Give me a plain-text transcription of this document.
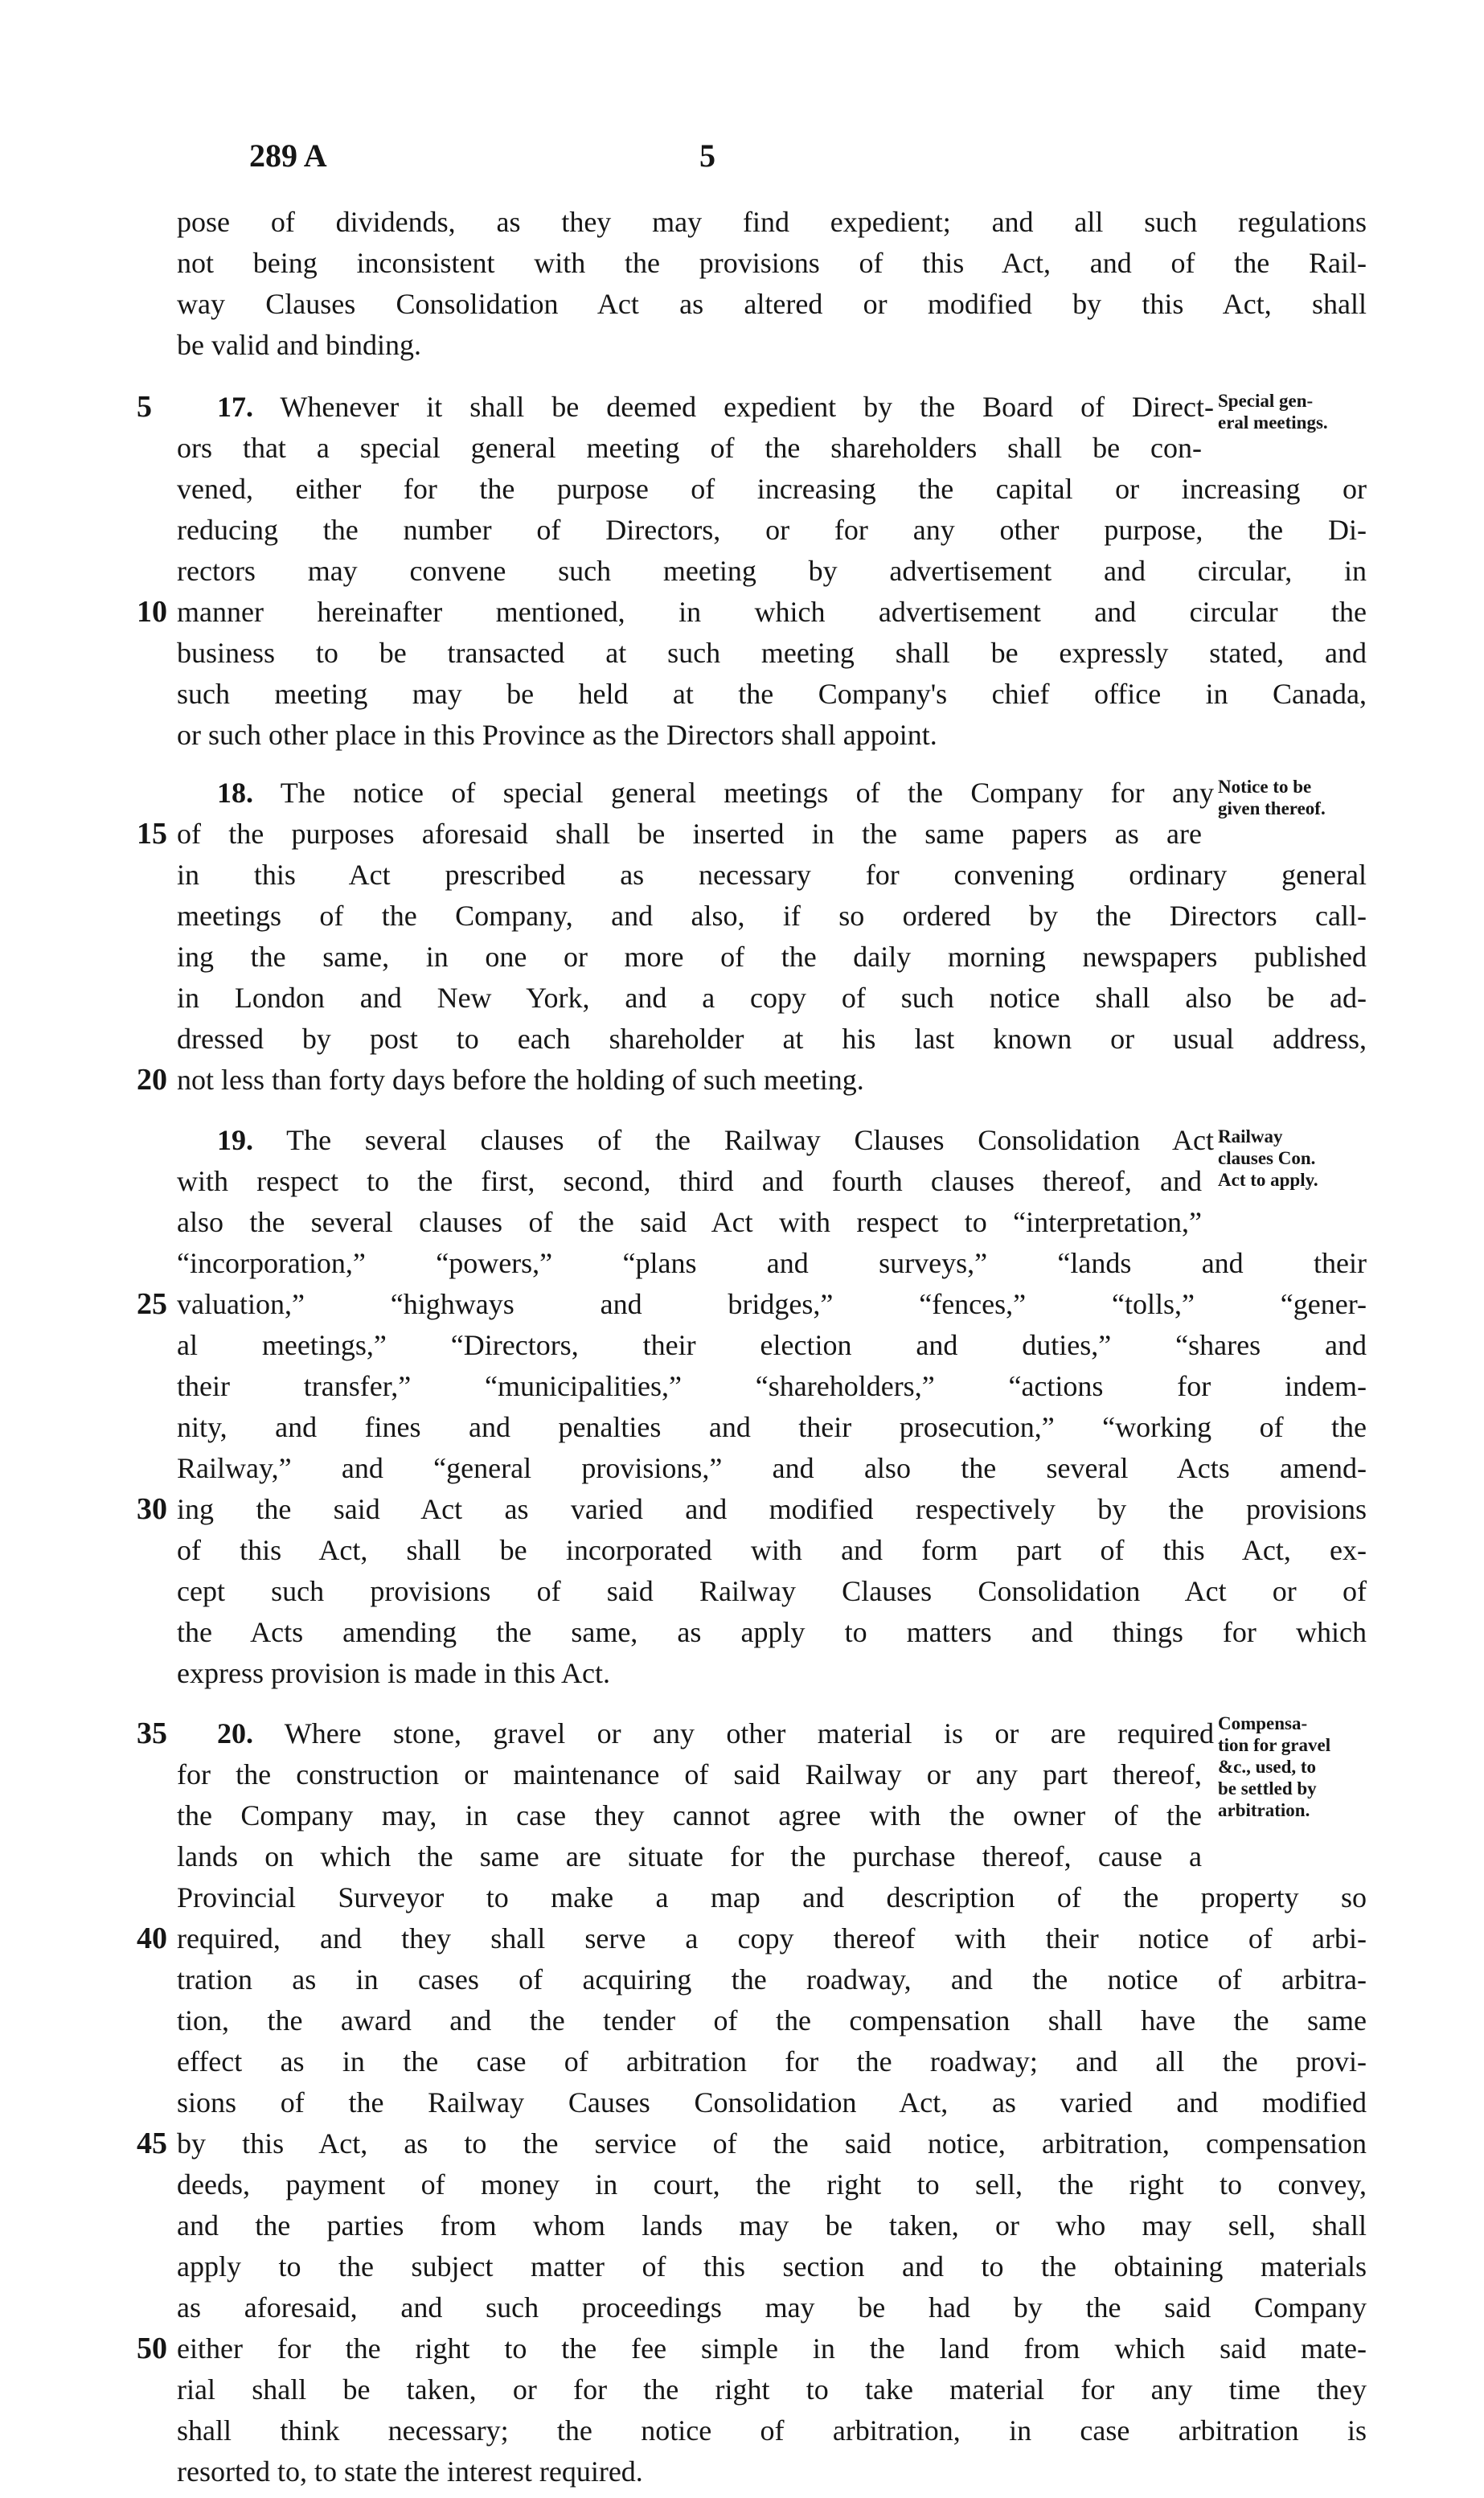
289 A	5
pose of dividends, as they may find expedient; and all such regulations
not being inconsistent with the provisions of this Act, and of the Rail-
way Clauses Consolidation Act as altered or modified by this Act, shall
be valid and binding.
5 17. Whenever it shall be deemed expedient by the Board of Direct-
ors that a special general meeting of the shareholders shall be con-
vened, either for the purpose of increasing the capital or increasing or
reducing the number of Directors, or for any other purpose, the Di-
rectors may convene such meeting by advertisement and circular, in
10 manner hereinafter mentioned, in which advertisement and circular the
business to be transacted at such meeting shall be expressly stated, and
such meeting may be held at the Company's chief office in Canada,
or such other place in this Province as the Directors shall appoint.
Special gen-
eral meetings.
18. The notice of special general meetings of the Company for any
15 of the purposes aforesaid shall be inserted in the same papers as are
in this Act prescribed as necessary for convening ordinary general
meetings of the Company, and also, if so ordered by the Directors call-
ing the same, in one or more of the daily morning newspapers published
in London and New York, and a copy of such notice shall also be ad-
dressed by post to each shareholder at his last known or usual address,
20 not less than forty days before the holding of such meeting.
Notice to be
given thereof.
19. The several clauses of the Railway Clauses Consolidation Act
with respect to the first, second, third and fourth clauses thereof, and
also the several clauses of the said Act with respect to “interpretation,”
“incorporation,” “powers,” “plans and surveys,” “lands and their
25 valuation,” “highways and bridges,” “fences,” “tolls,” “gener-
al meetings,” “Directors, their election and duties,” “shares and
their transfer,” “municipalities,” “shareholders,” “actions for indem-
nity, and fines and penalties and their prosecution,” “working of the
Railway,” and “general provisions,” and also the several Acts amend-
30 ing the said Act as varied and modified respectively by the provisions
of this Act, shall be incorporated with and form part of this Act, ex-
cept such provisions of said Railway Clauses Consolidation Act or of
the Acts amending the same, as apply to matters and things for which
express provision is made in this Act.
Railway
clauses Con.
Act to apply.
35 20. Where stone, gravel or any other material is or are required
for the construction or maintenance of said Railway or any part thereof,
the Company may, in case they cannot agree with the owner of the
lands on which the same are situate for the purchase thereof, cause a
Provincial Surveyor to make a map and description of the property so
40 required, and they shall serve a copy thereof with their notice of arbi-
tration as in cases of acquiring the roadway, and the notice of arbitra-
tion, the award and the tender of the compensation shall have the same
effect as in the case of arbitration for the roadway; and all the provi-
sions of the Railway Causes Consolidation Act, as varied and modified
45 by this Act, as to the service of the said notice, arbitration, compensation
deeds, payment of money in court, the right to sell, the right to convey,
and the parties from whom lands may be taken, or who may sell, shall
apply to the subject matter of this section and to the obtaining materials
as aforesaid, and such proceedings may be had by the said Company
50 either for the right to the fee simple in the land from which said mate-
rial shall be taken, or for the right to take material for any time they
shall think necessary; the notice of arbitration, in case arbitration is
resorted to, to state the interest required.
Compensa-
tion for gravel
&c., used, to
be settled by
arbitration.
